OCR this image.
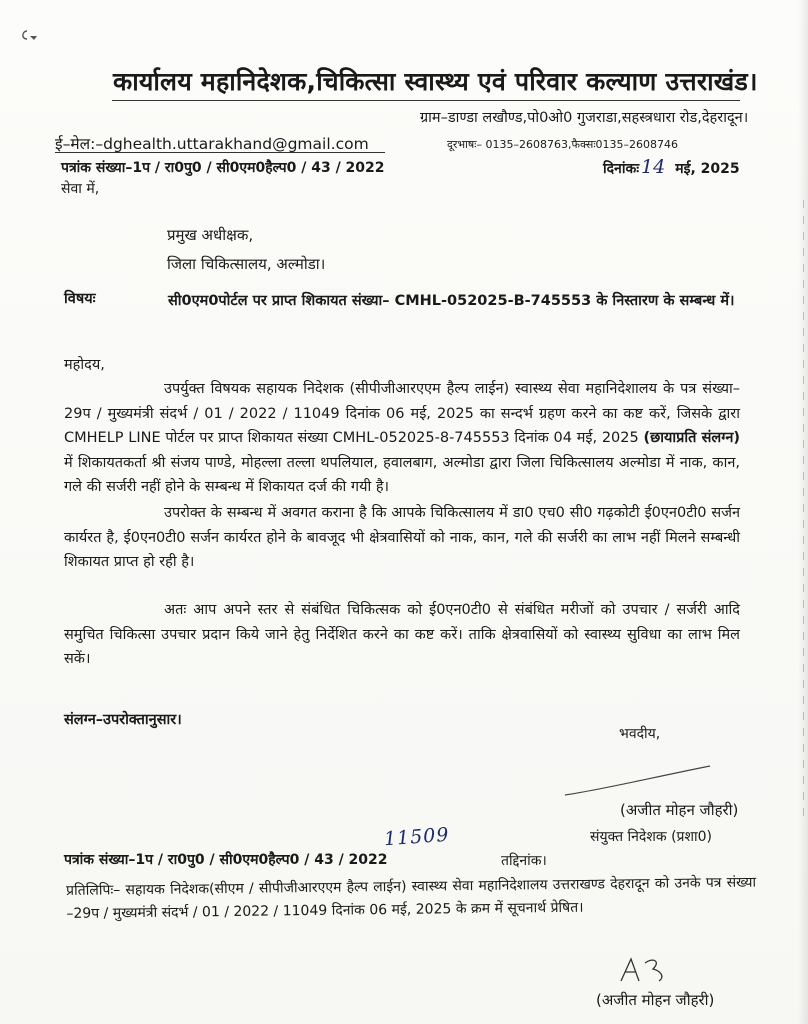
कार्यालय महानिदेशक,चिकित्सा स्वास्थ्य एवं परिवार कल्याण उत्तराखंड।
ग्राम–डाण्डा लखौण्ड,पो0ओ0 गुजराडा,सहस्त्रधारा रोड,देहरादून।
ई–मेल:–dghealth.uttarakhand@gmail.com	दूरभाषः– 0135–2608763,फैक्सः0135–2608746
पत्रांक संख्या–1प / रा0पु0 / सी0एम0हैल्प0 / 43 / 2022	दिनांकः 14 मई, 2025
सेवा में,
प्रमुख अधीक्षक,
जिला चिकित्सालय, अल्मोडा।
विषयः	सी0एम0पोर्टल पर प्राप्त शिकायत संख्या– CMHL-052025-B-745553 के निस्तारण के सम्बन्ध में।
महोदय,
उपर्युक्त विषयक सहायक निदेशक (सीपीजीआरएएम हैल्प लाईन) स्वास्थ्य सेवा महानिदेशालय के पत्र संख्या–29प / मुख्यमंत्री संदर्भ / 01 / 2022 / 11049 दिनांक 06 मई, 2025 का सन्दर्भ ग्रहण करने का कष्ट करें, जिसके द्वारा CMHELP LINE पोर्टल पर प्राप्त शिकायत संख्या CMHL-052025-8-745553 दिनांक 04 मई, 2025 (छायाप्रति संलग्न) में शिकायतकर्ता श्री संजय पाण्डे, मोहल्ला तल्ला थपलियाल, हवालबाग, अल्मोडा द्वारा जिला चिकित्सालय अल्मोडा में नाक, कान, गले की सर्जरी नहीं होने के सम्बन्ध में शिकायत दर्ज की गयी है।
उपरोक्त के सम्बन्ध में अवगत कराना है कि आपके चिकित्सालय में डा0 एच0 सी0 गढ़कोटी ई0एन0टी0 सर्जन कार्यरत है, ई0एन0टी0 सर्जन कार्यरत होने के बावजूद भी क्षेत्रवासियों को नाक, कान, गले की सर्जरी का लाभ नहीं मिलने सम्बन्धी शिकायत प्राप्त हो रही है।
अतः आप अपने स्तर से संबंधित चिकित्सक को ई0एन0टी0 से संबंधित मरीजों को उपचार / सर्जरी आदि समुचित चिकित्सा उपचार प्रदान किये जाने हेतु निर्देशित करने का कष्ट करें। ताकि क्षेत्रवासियों को स्वास्थ्य सुविधा का लाभ मिल सकें।
संलग्न–उपरोक्तानुसार।
भवदीय,
(अजीत मोहन जौहरी)
संयुक्त निदेशक (प्रशा0)
11509
पत्रांक संख्या–1प / रा0पु0 / सी0एम0हैल्प0 / 43 / 2022	तद्दिनांक।
प्रतिलिपिः– सहायक निदेशक(सीएम / सीपीजीआरएएम हैल्प लाईन) स्वास्थ्य सेवा महानिदेशालय उत्तराखण्ड देहरादून को उनके पत्र संख्या –29प / मुख्यमंत्री संदर्भ / 01 / 2022 / 11049 दिनांक 06 मई, 2025 के क्रम में सूचनार्थ प्रेषित।
(अजीत मोहन जौहरी)
